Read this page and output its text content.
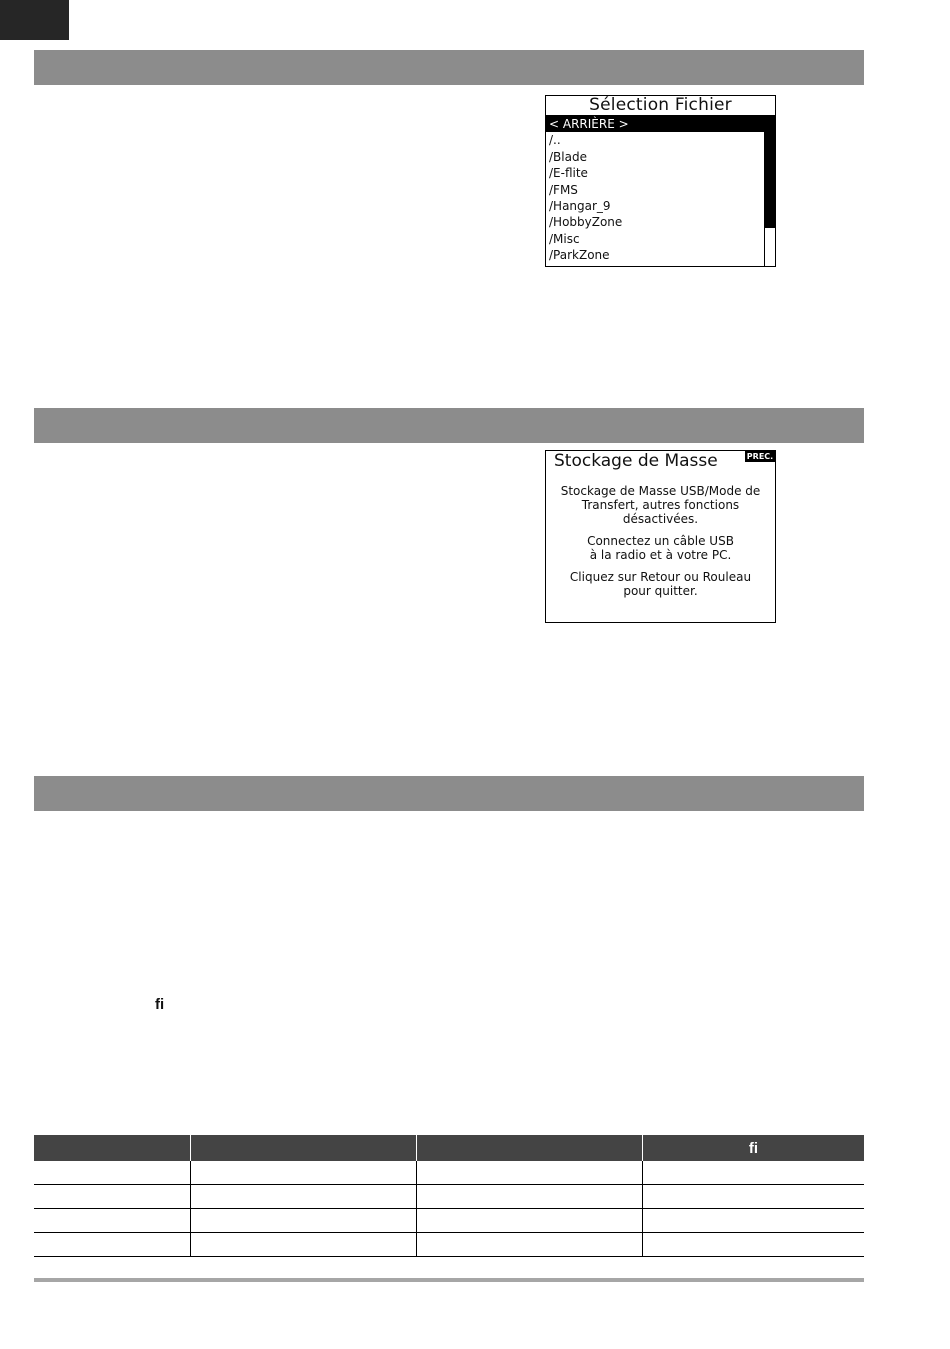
Sélection Fichier
< ARRIÈRE >
/..
/Blade
/E-flite
/FMS
/Hangar_9
/HobbyZone
/Misc
/ParkZone
Stockage de Masse	PREC.
Stockage de Masse USB/Mode de
Transfert, autres fonctions
désactivées.
Connectez un câble USB
à la radio et à votre PC.
Cliquez sur Retour ou Rouleau
pour quitter.
ﬁ
			ﬁ
